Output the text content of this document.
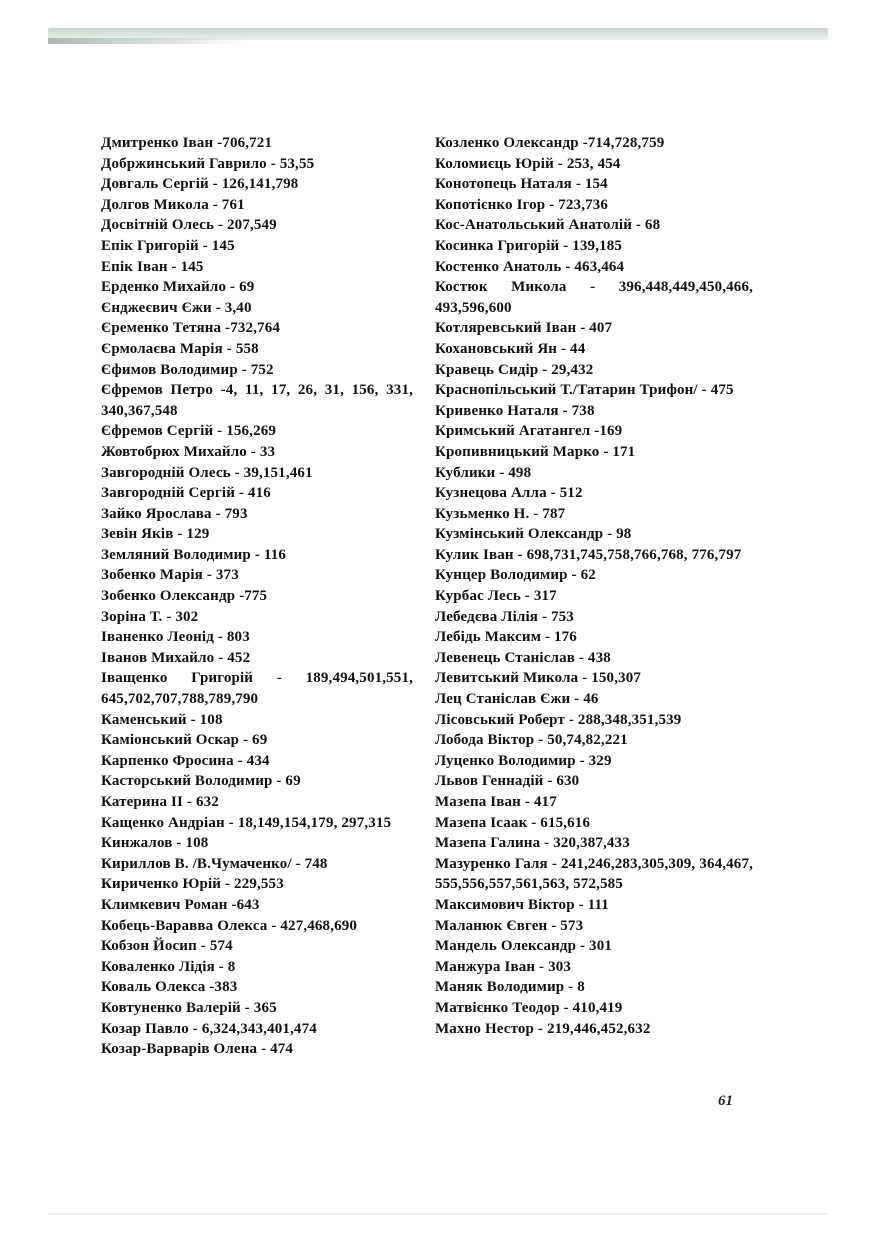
Дмитренко Іван -706,721
Добржинський Гаврило - 53,55
Довгаль Сергій - 126,141,798
Долгов Микола - 761
Досвітній Олесь - 207,549
Епік Григорій - 145
Епік Іван - 145
Ерденко Михайло - 69
Єнджеєвич Єжи - 3,40
Єременко Тетяна -732,764
Єрмолаєва Марія - 558
Єфимов Володимир - 752
Єфремов Петро -4, 11, 17, 26, 31, 156, 331, 340,367,548
Єфремов Сергій - 156,269
Жовтобрюх Михайло - 33
Завгородній Олесь - 39,151,461
Завгородній Сергій - 416
Зайко Ярослава - 793
Зевін Яків - 129
Земляний Володимир - 116
Зобенко Марія - 373
Зобенко Олександр -775
Зоріна Т. - 302
Іваненко Леонід - 803
Іванов Михайло - 452
Іващенко Григорій - 189,494,501,551, 645,702,707,788,789,790
Каменський - 108
Каміонський Оскар - 69
Карпенко Фросина - 434
Касторський Володимир - 69
Катерина ІІ - 632
Кащенко Андріан - 18,149,154,179, 297,315
Кинжалов - 108
Кириллов В. /В.Чумаченко/ - 748
Кириченко Юрій - 229,553
Климкевич Роман -643
Кобець-Варавва Олекса - 427,468,690
Кобзон Йосип - 574
Коваленко Лідія - 8
Коваль Олекса -383
Ковтуненко Валерій - 365
Козар Павло - 6,324,343,401,474
Козар-Варварів Олена - 474
Козленко Олександр -714,728,759
Коломиєць Юрій - 253, 454
Конотопець Наталя - 154
Копотієнко Ігор - 723,736
Кос-Анатольський Анатолій - 68
Косинка Григорій - 139,185
Костенко Анатоль - 463,464
Костюк Микола - 396,448,449,450,466, 493,596,600
Котляревський Іван - 407
Кохановський Ян - 44
Кравець Сидір - 29,432
Краснопільський Т./Татарин Трифон/ - 475
Кривенко Наталя - 738
Кримський Агатангел -169
Кропивницький Марко - 171
Кублики - 498
Кузнецова Алла - 512
Кузьменко Н. - 787
Кузмінський Олександр - 98
Кулик Іван - 698,731,745,758,766,768, 776,797
Кунцер Володимир - 62
Курбас Лесь - 317
Лебедєва Лілія - 753
Лебідь Максим - 176
Левенець Станіслав - 438
Левитський Микола - 150,307
Лец Станіслав Єжи - 46
Лісовський Роберт - 288,348,351,539
Лобода Віктор - 50,74,82,221
Луценко Володимир - 329
Львов Геннадій - 630
Мазепа Іван - 417
Мазепа Ісаак - 615,616
Мазепа Галина - 320,387,433
Мазуренко Галя - 241,246,283,305,309, 364,467, 555,556,557,561,563, 572,585
Максимович Віктор - 111
Маланюк Євген - 573
Мандель Олександр - 301
Манжура Іван - 303
Маняк Володимир - 8
Матвієнко Теодор - 410,419
Махно Нестор - 219,446,452,632
61
